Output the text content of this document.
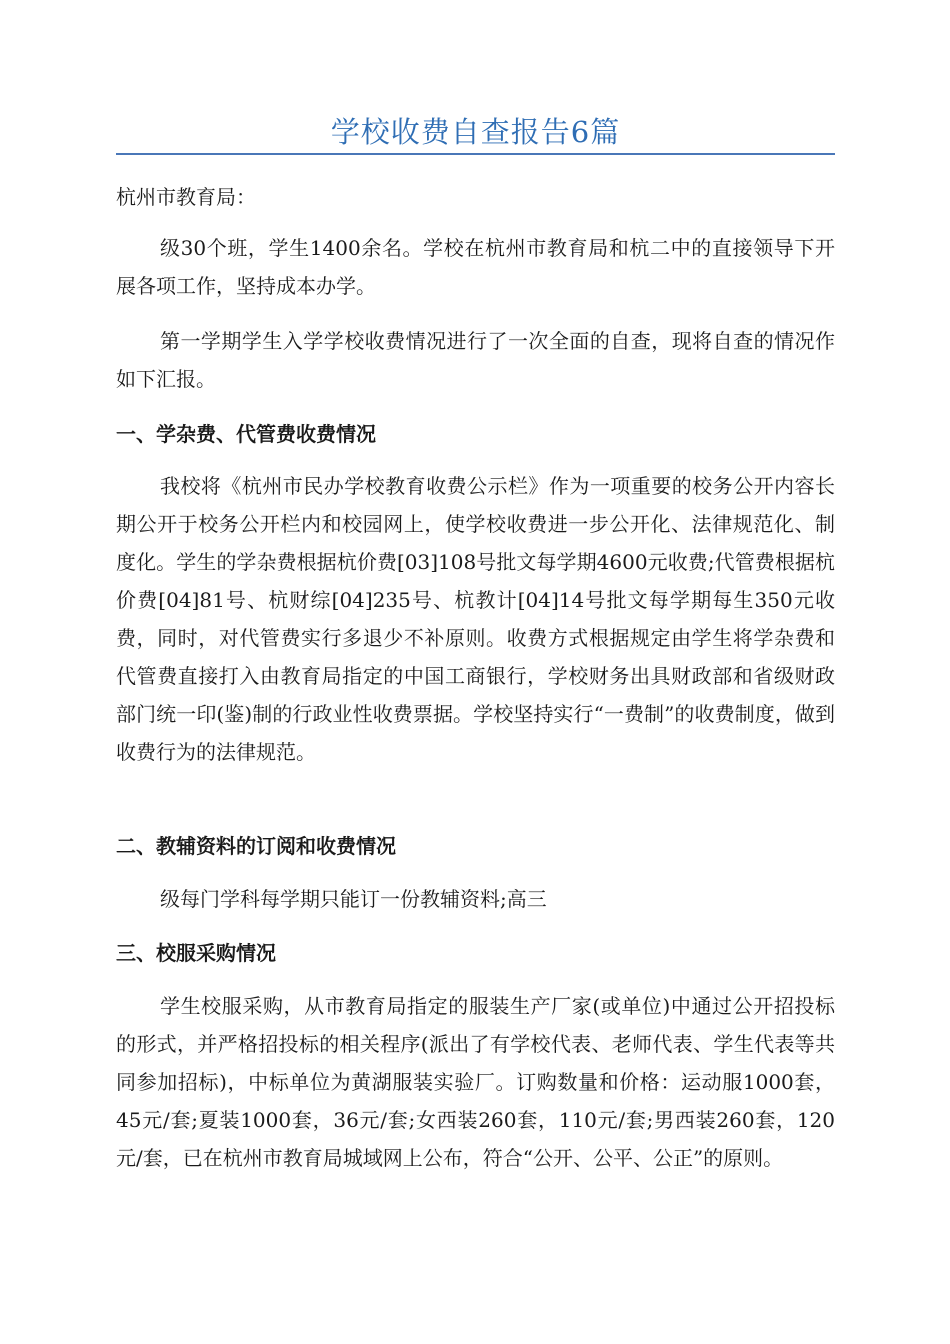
学校收费自查报告6篇

杭州市教育局：

级30个班，学生1400余名。学校在杭州市教育局和杭二中的直接领导下开展各项工作，坚持成本办学。

第一学期学生入学学校收费情况进行了一次全面的自查，现将自查的情况作如下汇报。

一、学杂费、代管费收费情况

我校将《杭州市民办学校教育收费公示栏》作为一项重要的校务公开内容长期公开于校务公开栏内和校园网上，使学校收费进一步公开化、法律规范化、制度化。学生的学杂费根据杭价费[03]108号批文每学期4600元收费;代管费根据杭价费[04]81号、杭财综[04]235号、杭教计[04]14号批文每学期每生350元收费，同时，对代管费实行多退少不补原则。收费方式根据规定由学生将学杂费和代管费直接打入由教育局指定的中国工商银行，学校财务出具财政部和省级财政部门统一印(鉴)制的行政业性收费票据。学校坚持实行“一费制”的收费制度，做到收费行为的法律规范。

二、教辅资料的订阅和收费情况

级每门学科每学期只能订一份教辅资料;高三

三、校服采购情况

学生校服采购，从市教育局指定的服装生产厂家(或单位)中通过公开招投标的形式，并严格招投标的相关程序(派出了有学校代表、老师代表、学生代表等共同参加招标)，中标单位为黄湖服装实验厂。订购数量和价格：运动服1000套，45元/套;夏装1000套，36元/套;女西装260套，110元/套;男西装260套，120元/套，已在杭州市教育局城域网上公布，符合“公开、公平、公正”的原则。
